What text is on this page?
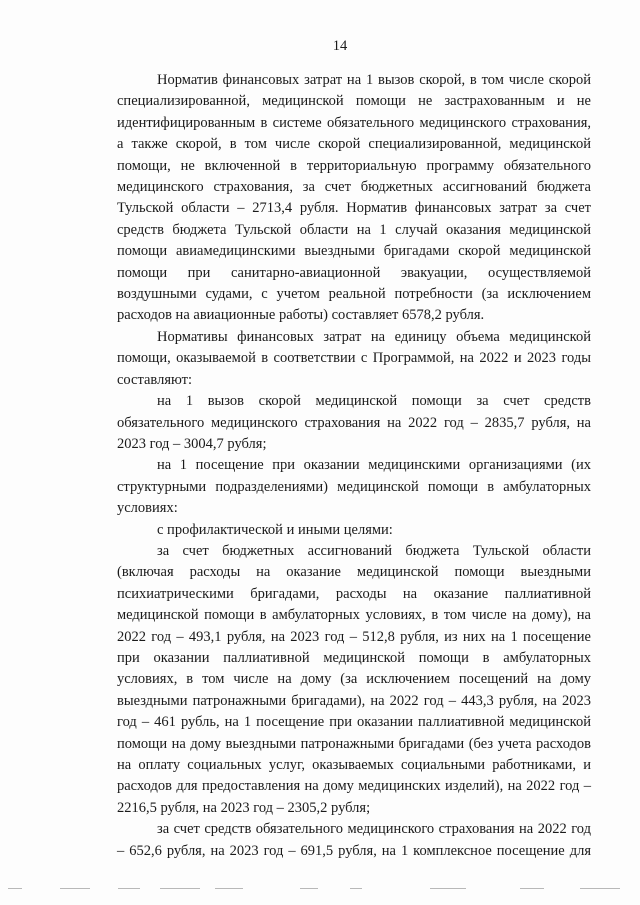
14

Норматив финансовых затрат на 1 вызов скорой, в том числе скорой специализированной, медицинской помощи не застрахованным и не идентифицированным в системе обязательного медицинского страхования, а также скорой, в том числе скорой специализированной, медицинской помощи, не включенной в территориальную программу обязательного медицинского страхования, за счет бюджетных ассигнований бюджета Тульской области – 2713,4 рубля. Норматив финансовых затрат за счет средств бюджета Тульской области на 1 случай оказания медицинской помощи авиамедицинскими выездными бригадами скорой медицинской помощи при санитарно-авиационной эвакуации, осуществляемой воздушными судами, с учетом реальной потребности (за исключением расходов на авиационные работы) составляет 6578,2 рубля.

Нормативы финансовых затрат на единицу объема медицинской помощи, оказываемой в соответствии с Программой, на 2022 и 2023 годы составляют:

на 1 вызов скорой медицинской помощи за счет средств обязательного медицинского страхования на 2022 год – 2835,7 рубля, на 2023 год – 3004,7 рубля;

на 1 посещение при оказании медицинскими организациями (их структурными подразделениями) медицинской помощи в амбулаторных условиях:

с профилактической и иными целями:

за счет бюджетных ассигнований бюджета Тульской области (включая расходы на оказание медицинской помощи выездными психиатрическими бригадами, расходы на оказание паллиативной медицинской помощи в амбулаторных условиях, в том числе на дому), на 2022 год – 493,1 рубля, на 2023 год – 512,8 рубля, из них на 1 посещение при оказании паллиативной медицинской помощи в амбулаторных условиях, в том числе на дому (за исключением посещений на дому выездными патронажными бригадами), на 2022 год – 443,3 рубля, на 2023 год – 461 рубль, на 1 посещение при оказании паллиативной медицинской помощи на дому выездными патронажными бригадами (без учета расходов на оплату социальных услуг, оказываемых социальными работниками, и расходов для предоставления на дому медицинских изделий), на 2022 год – 2216,5 рубля, на 2023 год – 2305,2 рубля;

за счет средств обязательного медицинского страхования на 2022 год – 652,6 рубля, на 2023 год – 691,5 рубля, на 1 комплексное посещение для
